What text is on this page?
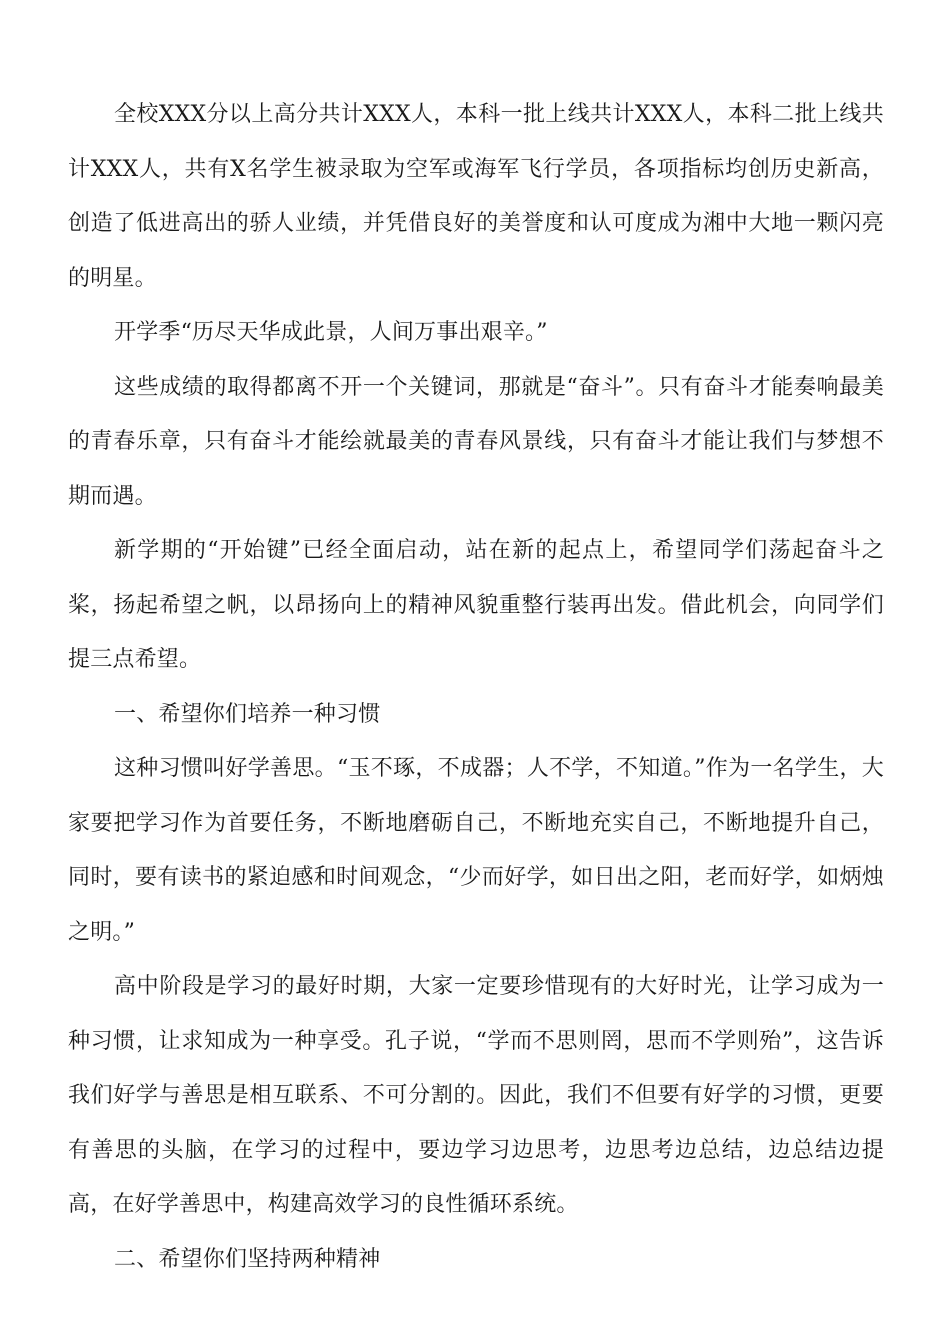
全校XXX分以上高分共计XXX人，本科一批上线共计XXX人，本科二批上线共计XXX人，共有X名学生被录取为空军或海军飞行学员，各项指标均创历史新高，创造了低进高出的骄人业绩，并凭借良好的美誉度和认可度成为湘中大地一颗闪亮的明星。

开学季“历尽天华成此景，人间万事出艰辛。”

这些成绩的取得都离不开一个关键词，那就是“奋斗”。只有奋斗才能奏响最美的青春乐章，只有奋斗才能绘就最美的青春风景线，只有奋斗才能让我们与梦想不期而遇。

新学期的“开始键”已经全面启动，站在新的起点上，希望同学们荡起奋斗之桨，扬起希望之帆，以昂扬向上的精神风貌重整行装再出发。借此机会，向同学们提三点希望。

一、希望你们培养一种习惯

这种习惯叫好学善思。“玉不琢，不成器；人不学，不知道。”作为一名学生，大家要把学习作为首要任务，不断地磨砺自己，不断地充实自己，不断地提升自己，同时，要有读书的紧迫感和时间观念，“少而好学，如日出之阳，老而好学，如炳烛之明。”

高中阶段是学习的最好时期，大家一定要珍惜现有的大好时光，让学习成为一种习惯，让求知成为一种享受。孔子说，“学而不思则罔，思而不学则殆”，这告诉我们好学与善思是相互联系、不可分割的。因此，我们不但要有好学的习惯，更要有善思的头脑，在学习的过程中，要边学习边思考，边思考边总结，边总结边提高，在好学善思中，构建高效学习的良性循环系统。

二、希望你们坚持两种精神
